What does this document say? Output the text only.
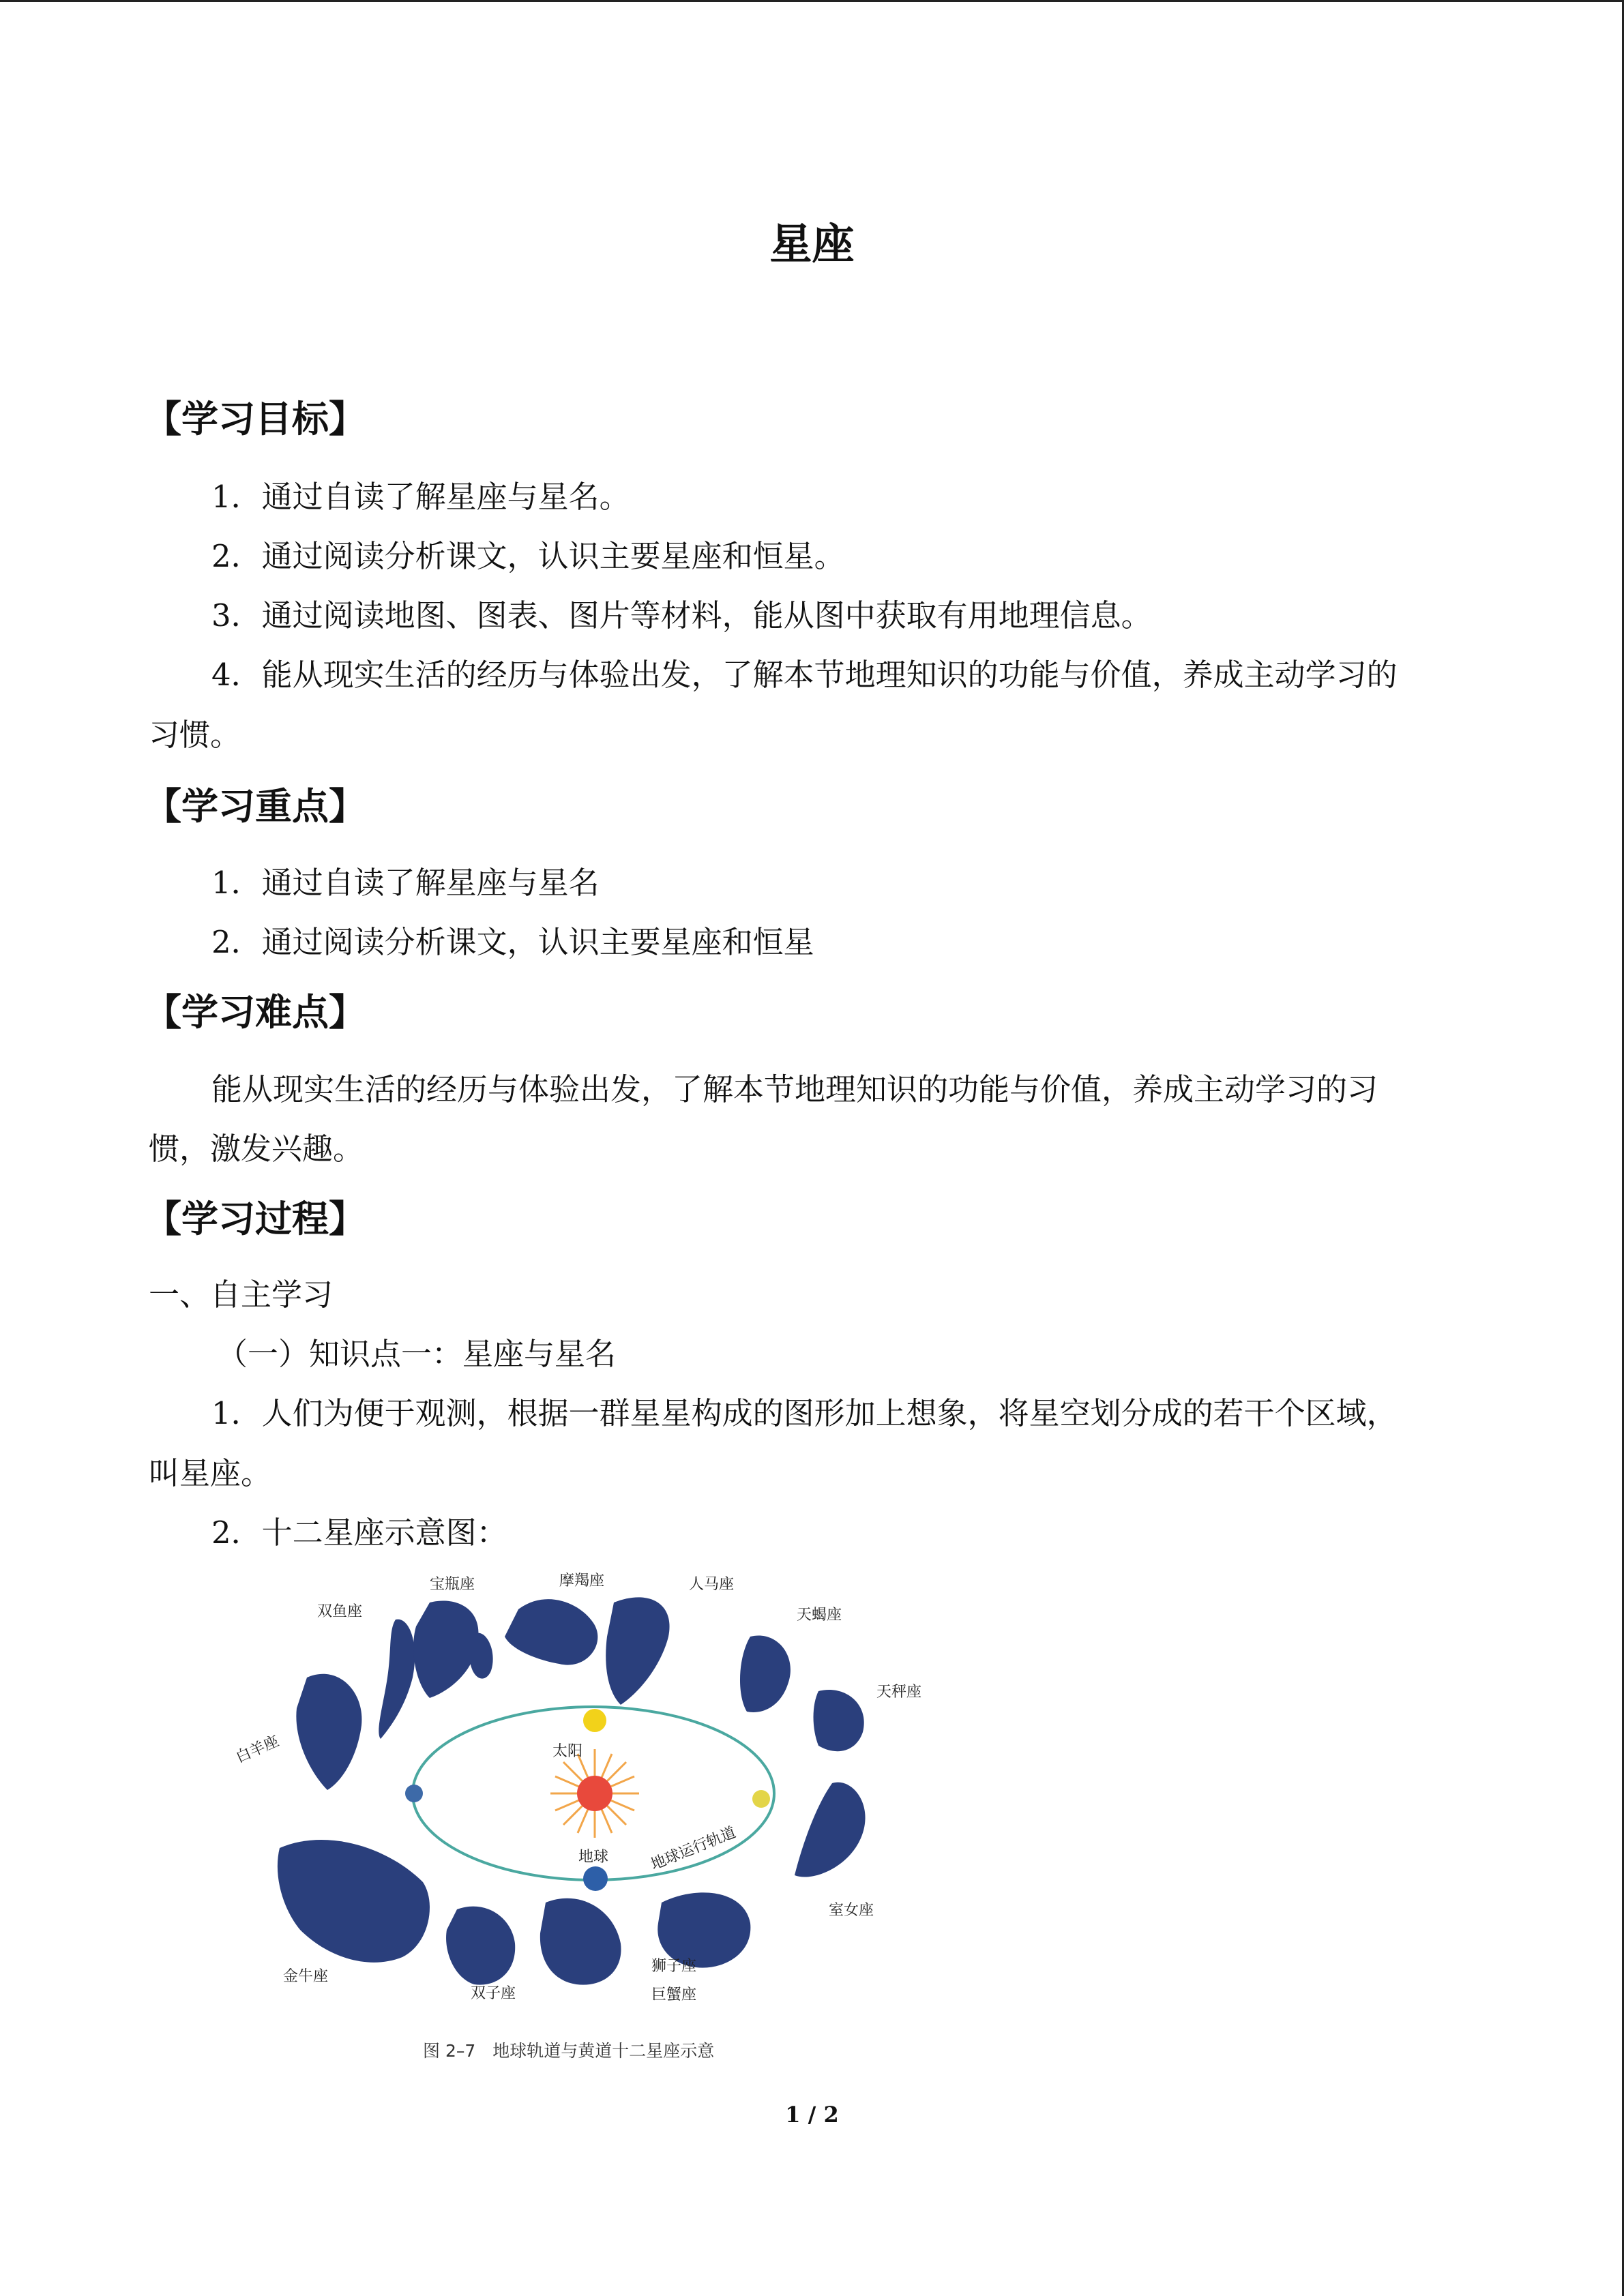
星座
【学习目标】
1．通过自读了解星座与星名。
2．通过阅读分析课文，认识主要星座和恒星。
3．通过阅读地图、图表、图片等材料，能从图中获取有用地理信息。
4．能从现实生活的经历与体验出发，了解本节地理知识的功能与价值，养成主动学习的
习惯。
【学习重点】
1．通过自读了解星座与星名
2．通过阅读分析课文，认识主要星座和恒星
【学习难点】
能从现实生活的经历与体验出发，了解本节地理知识的功能与价值，养成主动学习的习
惯，激发兴趣。
【学习过程】
一、自主学习
（一）知识点一：星座与星名
1．人们为便于观测，根据一群星星构成的图形加上想象，将星空划分成的若干个区域，
叫星座。
2．十二星座示意图：
宝瓶座	摩羯座	人马座
双鱼座	天蝎座
天秤座
白羊座	太阳
地球	地球运行轨道
室女座
金牛座
双子座
狮子座
巨蟹座
图 2–7　地球轨道与黄道十二星座示意
1 / 2
